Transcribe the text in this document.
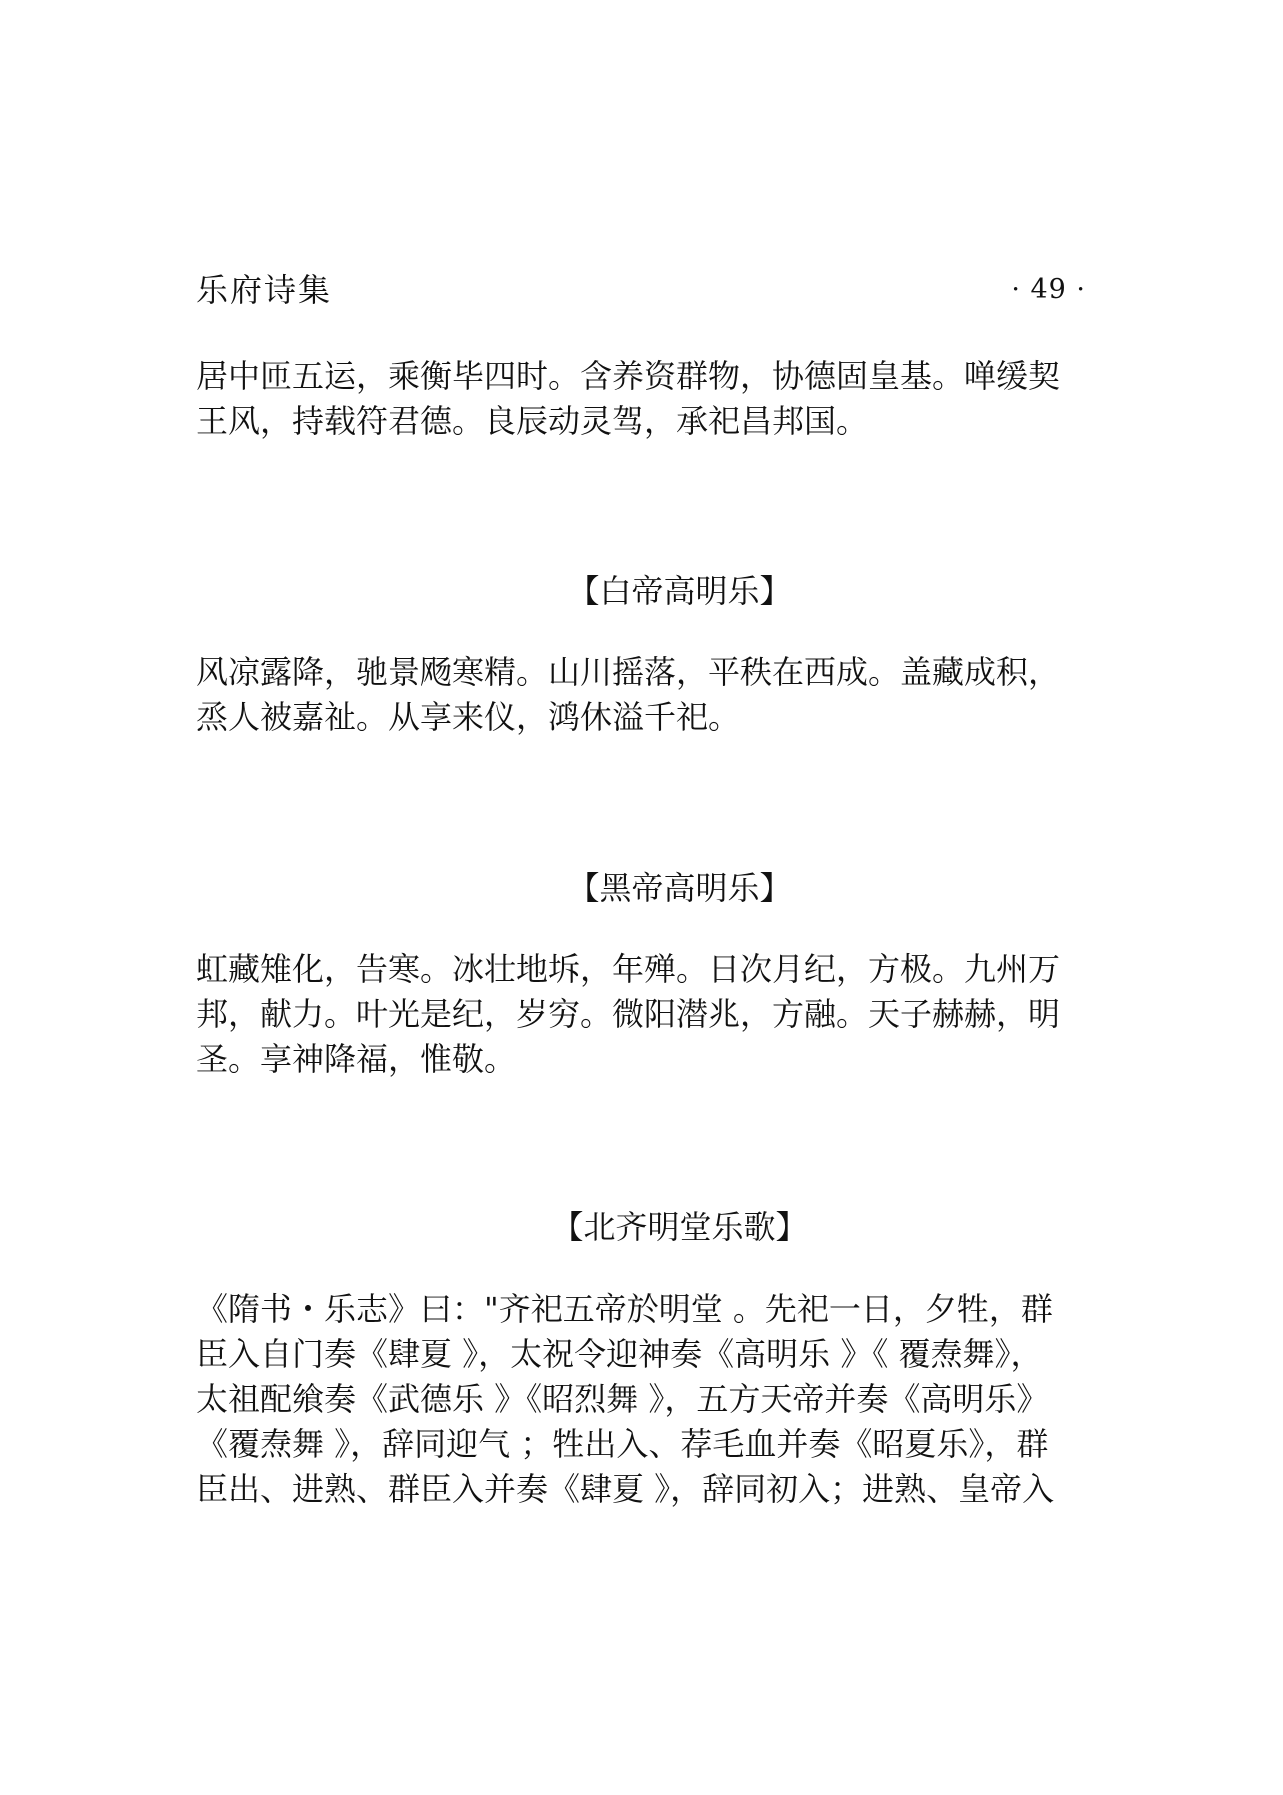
乐府诗集	· 49 ·

居中匝五运，乘衡毕四时。含养资群物，协德固皇基。啴缓契
王风，持载符君德。良辰动灵驾，承祀昌邦国。

【白帝高明乐】

风凉露降，驰景飏寒精。山川摇落，平秩在西成。盖藏成积，
烝人被嘉祉。从享来仪，鸿休溢千祀。

【黑帝高明乐】

虹藏雉化，告寒。冰壮地坼，年殚。日次月纪，方极。九州万
邦，献力。叶光是纪，岁穷。微阳潜兆，方融。天子赫赫，明
圣。享神降福，惟敬。

【北齐明堂乐歌】

《隋书・乐志》曰："齐祀五帝於明堂 。先祀一日，夕牲，群
臣入自门奏《肆夏 》，太祝令迎神奏《高明乐 》《 覆焘舞》，
太祖配飨奏《武德乐 》《昭烈舞 》，五方天帝并奏《高明乐》
《覆焘舞 》，辞同迎气 ；牲出入、荐毛血并奏《昭夏乐》，群
臣出、进熟、群臣入并奏《肆夏 》，辞同初入；进熟、皇帝入
